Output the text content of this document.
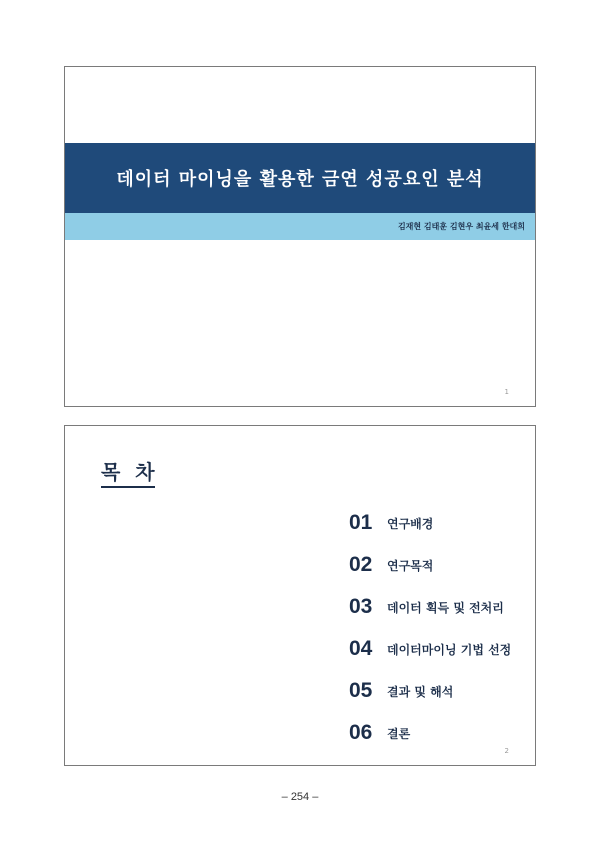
데이터 마이닝을 활용한 금연 성공요인 분석
김재현 김태훈 김현우 최윤세 한대희
1
목 차
01	연구배경
02	연구목적
03	데이터 획득 및 전처리
04	데이터마이닝 기법 선정
05	결과 및 해석
06	결론
2
– 254 –
